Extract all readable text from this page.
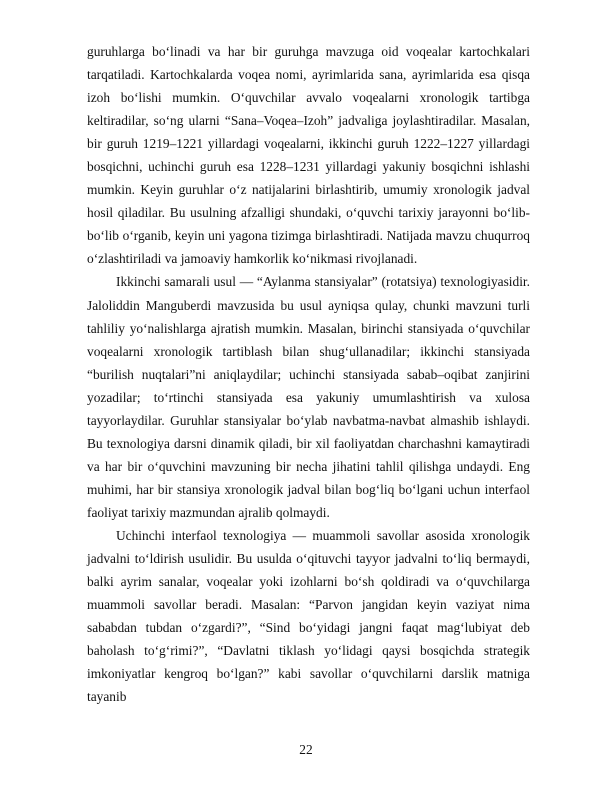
guruhlarga bo‘linadi va har bir guruhga mavzuga oid voqealar kartochkalari tarqatiladi. Kartochkalarda voqea nomi, ayrimlarida sana, ayrimlarida esa qisqa izoh bo‘lishi mumkin. O‘quvchilar avvalo voqealarni xronologik tartibga keltiradilar, so‘ng ularni “Sana–Voqea–Izoh” jadvaliga joylashtiradilar. Masalan, bir guruh 1219–1221 yillardagi voqealarni, ikkinchi guruh 1222–1227 yillardagi bosqichni, uchinchi guruh esa 1228–1231 yillardagi yakuniy bosqichni ishlashi mumkin. Keyin guruhlar o‘z natijalarini birlashtirib, umumiy xronologik jadval hosil qiladilar. Bu usulning afzalligi shundaki, o‘quvchi tarixiy jarayonni bo‘lib-bo‘lib o‘rganib, keyin uni yagona tizimga birlashtiradi. Natijada mavzu chuqurroq o‘zlashtiriladi va jamoaviy hamkorlik ko‘nikmasi rivojlanadi.

Ikkinchi samarali usul — “Aylanma stansiyalar” (rotatsiya) texnologiyasidir. Jaloliddin Manguberdi mavzusida bu usul ayniqsa qulay, chunki mavzuni turli tahliliy yo‘nalishlarga ajratish mumkin. Masalan, birinchi stansiyada o‘quvchilar voqealarni xronologik tartiblash bilan shug‘ullanadilar; ikkinchi stansiyada “burilish nuqtalari”ni aniqlaydilar; uchinchi stansiyada sabab–oqibat zanjirini yozadilar; to‘rtinchi stansiyada esa yakuniy umumlashtirish va xulosa tayyorlaydilar. Guruhlar stansiyalar bo‘ylab navbatma-navbat almashib ishlaydi. Bu texnologiya darsni dinamik qiladi, bir xil faoliyatdan charchashni kamaytiradi va har bir o‘quvchini mavzuning bir necha jihatini tahlil qilishga undaydi. Eng muhimi, har bir stansiya xronologik jadval bilan bog‘liq bo‘lgani uchun interfaol faoliyat tarixiy mazmundan ajralib qolmaydi.

Uchinchi interfaol texnologiya — muammoli savollar asosida xronologik jadvalni to‘ldirish usulidir. Bu usulda o‘qituvchi tayyor jadvalni to‘liq bermaydi, balki ayrim sanalar, voqealar yoki izohlarni bo‘sh qoldiradi va o‘quvchilarga muammoli savollar beradi. Masalan: “Parvon jangidan keyin vaziyat nima sababdan tubdan o‘zgardi?”, “Sind bo‘yidagi jangni faqat mag‘lubiyat deb baholash to‘g‘rimi?”, “Davlatni tiklash yo‘lidagi qaysi bosqichda strategik imkoniyatlar kengroq bo‘lgan?” kabi savollar o‘quvchilarni darslik matniga tayanib

22
